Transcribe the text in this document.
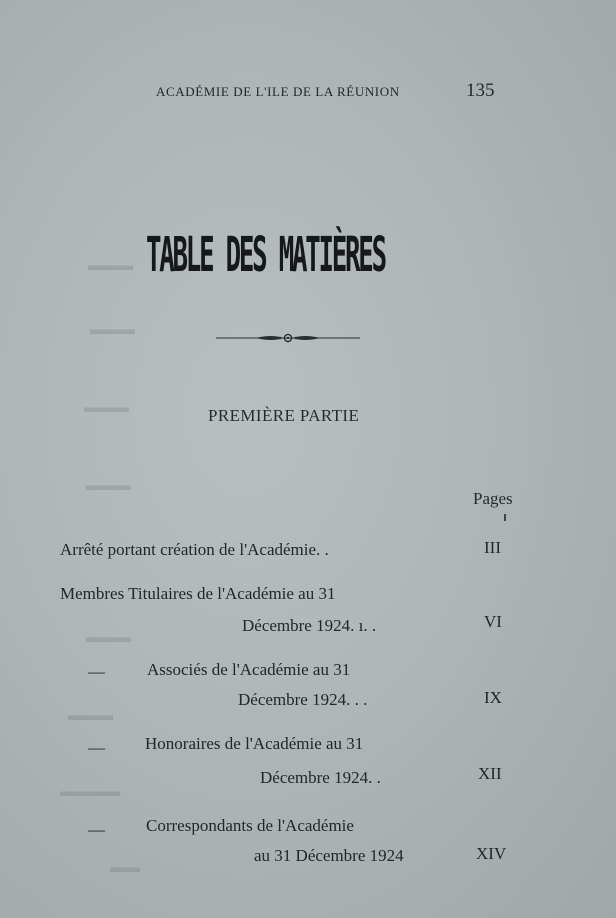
▬▬▬
▬▬▬
▬▬▬
▬▬▬
▬▬▬
▬▬▬
▬▬▬▬
▬▬
ACADÉMIE DE L'ILE DE LA RÉUNION	135
TABLE DES MATIÈRES
PREMIÈRE PARTIE
Pages
Arrêté portant création de l'Académie. .	III
Membres Titulaires de l'Académie au 31
Décembre 1924. ı. .	VI
— Associés de l'Académie au 31
Décembre 1924. . .	IX
— Honoraires de l'Académie au 31
Décembre 1924. .	XII
— Correspondants de l'Académie
au 31 Décembre 1924	XIV
